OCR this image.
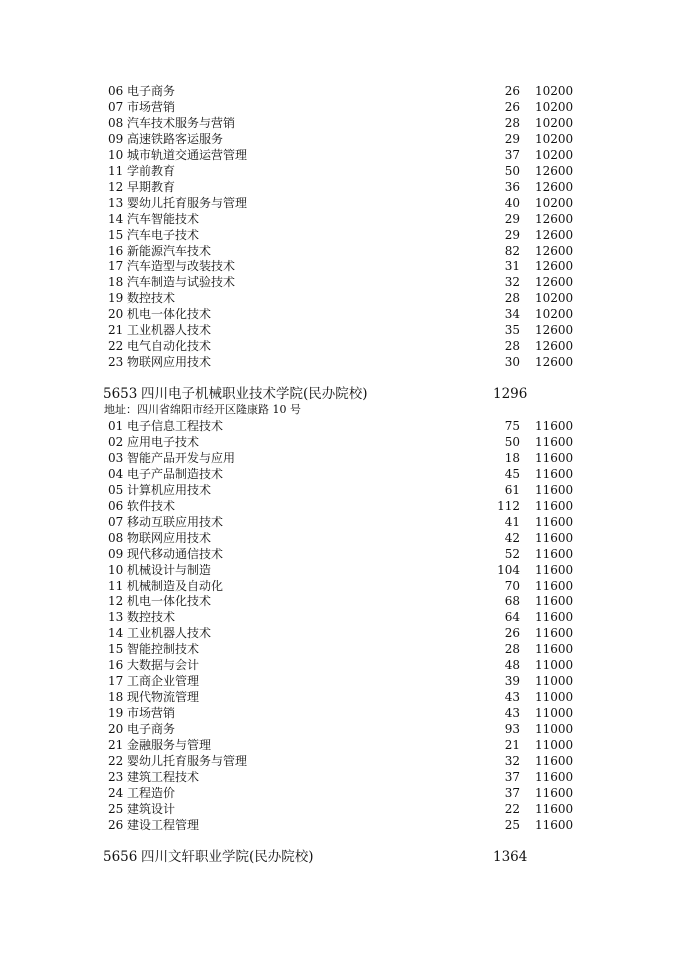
06 电子商务	26 10200
07 市场营销	26 10200
08 汽车技术服务与营销	28 10200
09 高速铁路客运服务	29 10200
10 城市轨道交通运营管理	37 10200
11 学前教育	50 12600
12 早期教育	36 12600
13 婴幼儿托育服务与管理	40 10200
14 汽车智能技术	29 12600
15 汽车电子技术	29 12600
16 新能源汽车技术	82 12600
17 汽车造型与改装技术	31 12600
18 汽车制造与试验技术	32 12600
19 数控技术	28 10200
20 机电一体化技术	34 10200
21 工业机器人技术	35 12600
22 电气自动化技术	28 12600
23 物联网应用技术	30 12600
5653 四川电子机械职业技术学院(民办院校)	1296
地址：四川省绵阳市经开区隆康路 10 号
01 电子信息工程技术	75 11600
02 应用电子技术	50 11600
03 智能产品开发与应用	18 11600
04 电子产品制造技术	45 11600
05 计算机应用技术	61 11600
06 软件技术	112 11600
07 移动互联应用技术	41 11600
08 物联网应用技术	42 11600
09 现代移动通信技术	52 11600
10 机械设计与制造	104 11600
11 机械制造及自动化	70 11600
12 机电一体化技术	68 11600
13 数控技术	64 11600
14 工业机器人技术	26 11600
15 智能控制技术	28 11600
16 大数据与会计	48 11000
17 工商企业管理	39 11000
18 现代物流管理	43 11000
19 市场营销	43 11000
20 电子商务	93 11000
21 金融服务与管理	21 11000
22 婴幼儿托育服务与管理	32 11600
23 建筑工程技术	37 11600
24 工程造价	37 11600
25 建筑设计	22 11600
26 建设工程管理	25 11600
5656 四川文轩职业学院(民办院校)	1364
